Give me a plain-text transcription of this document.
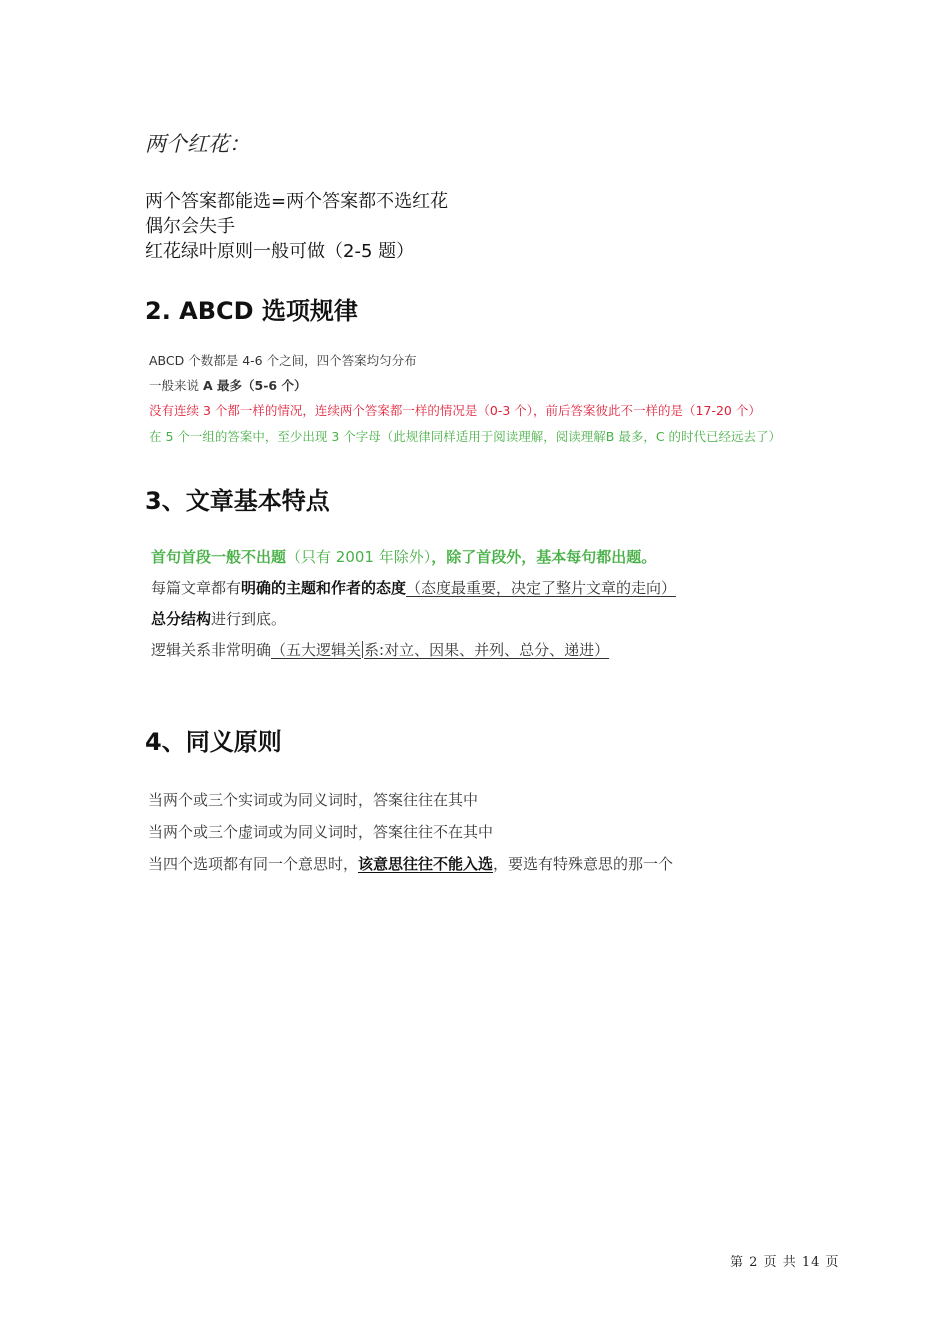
两个红花：
两个答案都能选=两个答案都不选红花
偶尔会失手
红花绿叶原则一般可做（2-5 题）
2. ABCD 选项规律
ABCD 个数都是 4-6 个之间，四个答案均匀分布
一般来说 A 最多（5-6 个）
没有连续 3 个都一样的情况，连续两个答案都一样的情况是（0-3 个），前后答案彼此不一样的是（17-20 个）
在 5 个一组的答案中，至少出现 3 个字母（此规律同样适用于阅读理解，阅读理解B 最多，C 的时代已经远去了）
3、文章基本特点
首句首段一般不出题（只有 2001 年除外），除了首段外，基本每句都出题。
每篇文章都有明确的主题和作者的态度（态度最重要，决定了整片文章的走向）
总分结构进行到底。
逻辑关系非常明确（五大逻辑关 系:对立、因果、并列、总分、递进）
4、同义原则
当两个或三个实词或为同义词时，答案往往在其中
当两个或三个虚词或为同义词时，答案往往不在其中
当四个选项都有同一个意思时，该意思往往不能入选，要选有特殊意思的那一个
第 2 页 共 14 页
